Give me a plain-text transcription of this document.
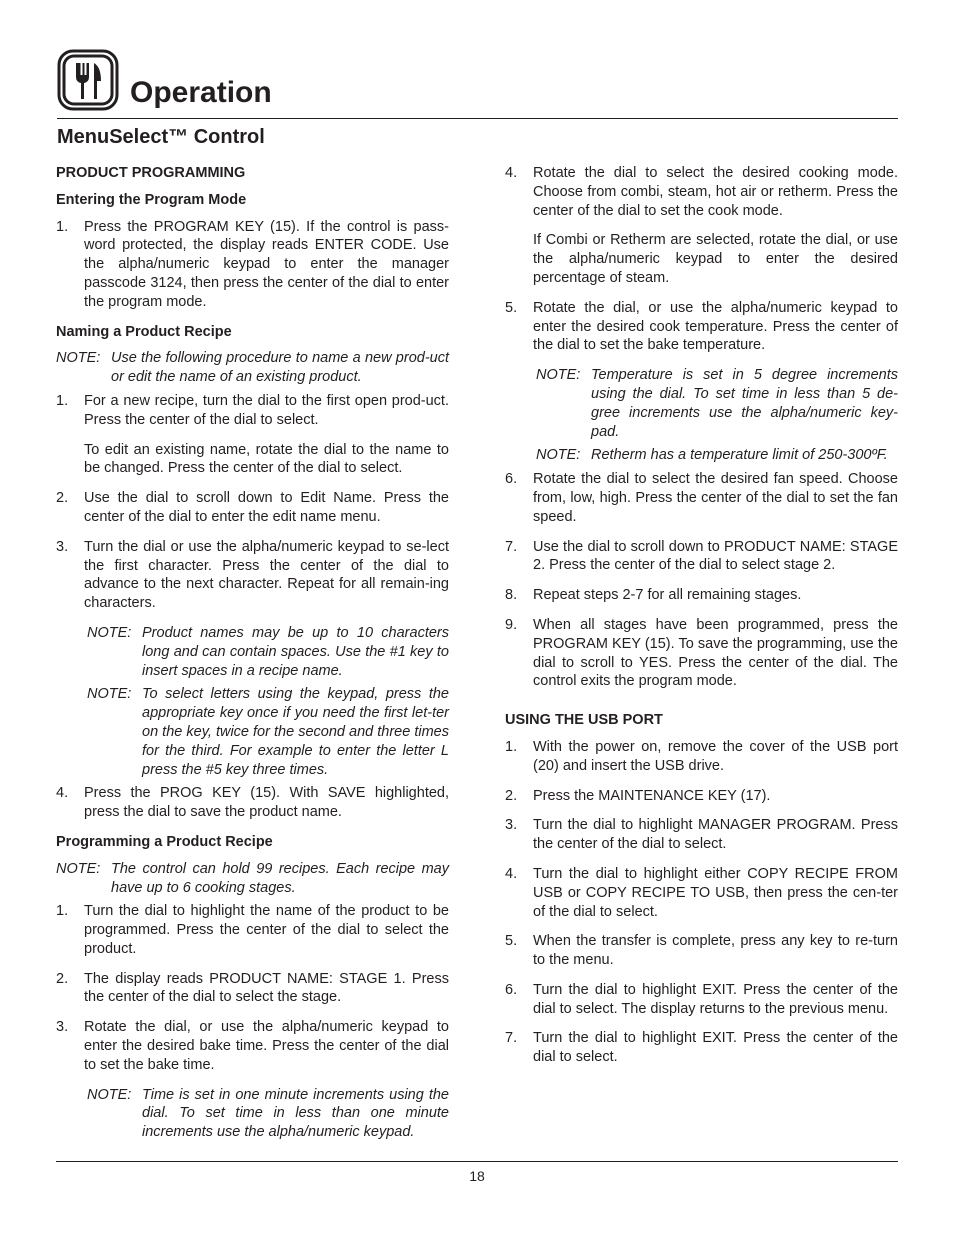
Operation
MenuSelect™ Control
PRODUCT PROGRAMMING
Entering the Program Mode
1.	Press the PROGRAM KEY (15). If the control is pass-word protected, the display reads ENTER CODE. Use the alpha/numeric keypad to enter the manager passcode 3124, then press the center of the dial to enter the program mode.
Naming a Product Recipe
NOTE: Use the following procedure to name a new prod-uct or edit the name of an existing product.
1.	For a new recipe, turn the dial to the first open prod-uct. Press the center of the dial to select.
To edit an existing name, rotate the dial to the name to be changed. Press the center of the dial to select.
2.	Use the dial to scroll down to Edit Name. Press the center of the dial to enter the edit name menu.
3.	Turn the dial or use the alpha/numeric keypad to se-lect the first character. Press the center of the dial to advance to the next character. Repeat for all remain-ing characters.
NOTE: Product names may be up to 10 characters long and can contain spaces. Use the #1 key to insert spaces in a recipe name.
NOTE: To select letters using the keypad, press the appropriate key once if you need the first let-ter on the key, twice for the second and three times for the third. For example to enter the letter L press the #5 key three times.
4.	Press the PROG KEY (15). With SAVE highlighted, press the dial to save the product name.
Programming a Product Recipe
NOTE: The control can hold 99 recipes. Each recipe may have up to 6 cooking stages.
1.	Turn the dial to highlight the name of the product to be programmed. Press the center of the dial to select the product.
2.	The display reads PRODUCT NAME: STAGE 1. Press the center of the dial to select the stage.
3.	Rotate the dial, or use the alpha/numeric keypad to enter the desired bake time. Press the center of the dial to set the bake time.
NOTE: Time is set in one minute increments using the dial. To set time in less than one minute increments use the alpha/numeric keypad.
4.	Rotate the dial to select the desired cooking mode. Choose from combi, steam, hot air or retherm. Press the center of the dial to set the cook mode.
If Combi or Retherm are selected, rotate the dial, or use the alpha/numeric keypad to enter the desired percentage of steam.
5.	Rotate the dial, or use the alpha/numeric keypad to enter the desired cook temperature. Press the center of the dial to set the bake temperature.
NOTE: Temperature is set in 5 degree increments using the dial. To set time in less than 5 de-gree increments use the alpha/numeric key-pad.
NOTE: Retherm has a temperature limit of 250-300ºF.
6.	Rotate the dial to select the desired fan speed. Choose from, low, high. Press the center of the dial to set the fan speed.
7.	Use the dial to scroll down to PRODUCT NAME: STAGE 2. Press the center of the dial to select stage 2.
8.	Repeat steps 2-7 for all remaining stages.
9.	When all stages have been programmed, press the PROGRAM KEY (15). To save the programming, use the dial to scroll to YES. Press the center of the dial. The control exits the program mode.
USING THE USB PORT
1.	With the power on, remove the cover of the USB port (20) and insert the USB drive.
2.	Press the MAINTENANCE KEY (17).
3.	Turn the dial to highlight MANAGER PROGRAM. Press the center of the dial to select.
4.	Turn the dial to highlight either COPY RECIPE FROM USB or COPY RECIPE TO USB, then press the cen-ter of the dial to select.
5.	When the transfer is complete, press any key to re-turn to the menu.
6.	Turn the dial to highlight EXIT. Press the center of the dial to select. The display returns to the previous menu.
7.	Turn the dial to highlight EXIT. Press the center of the dial to select.
18
